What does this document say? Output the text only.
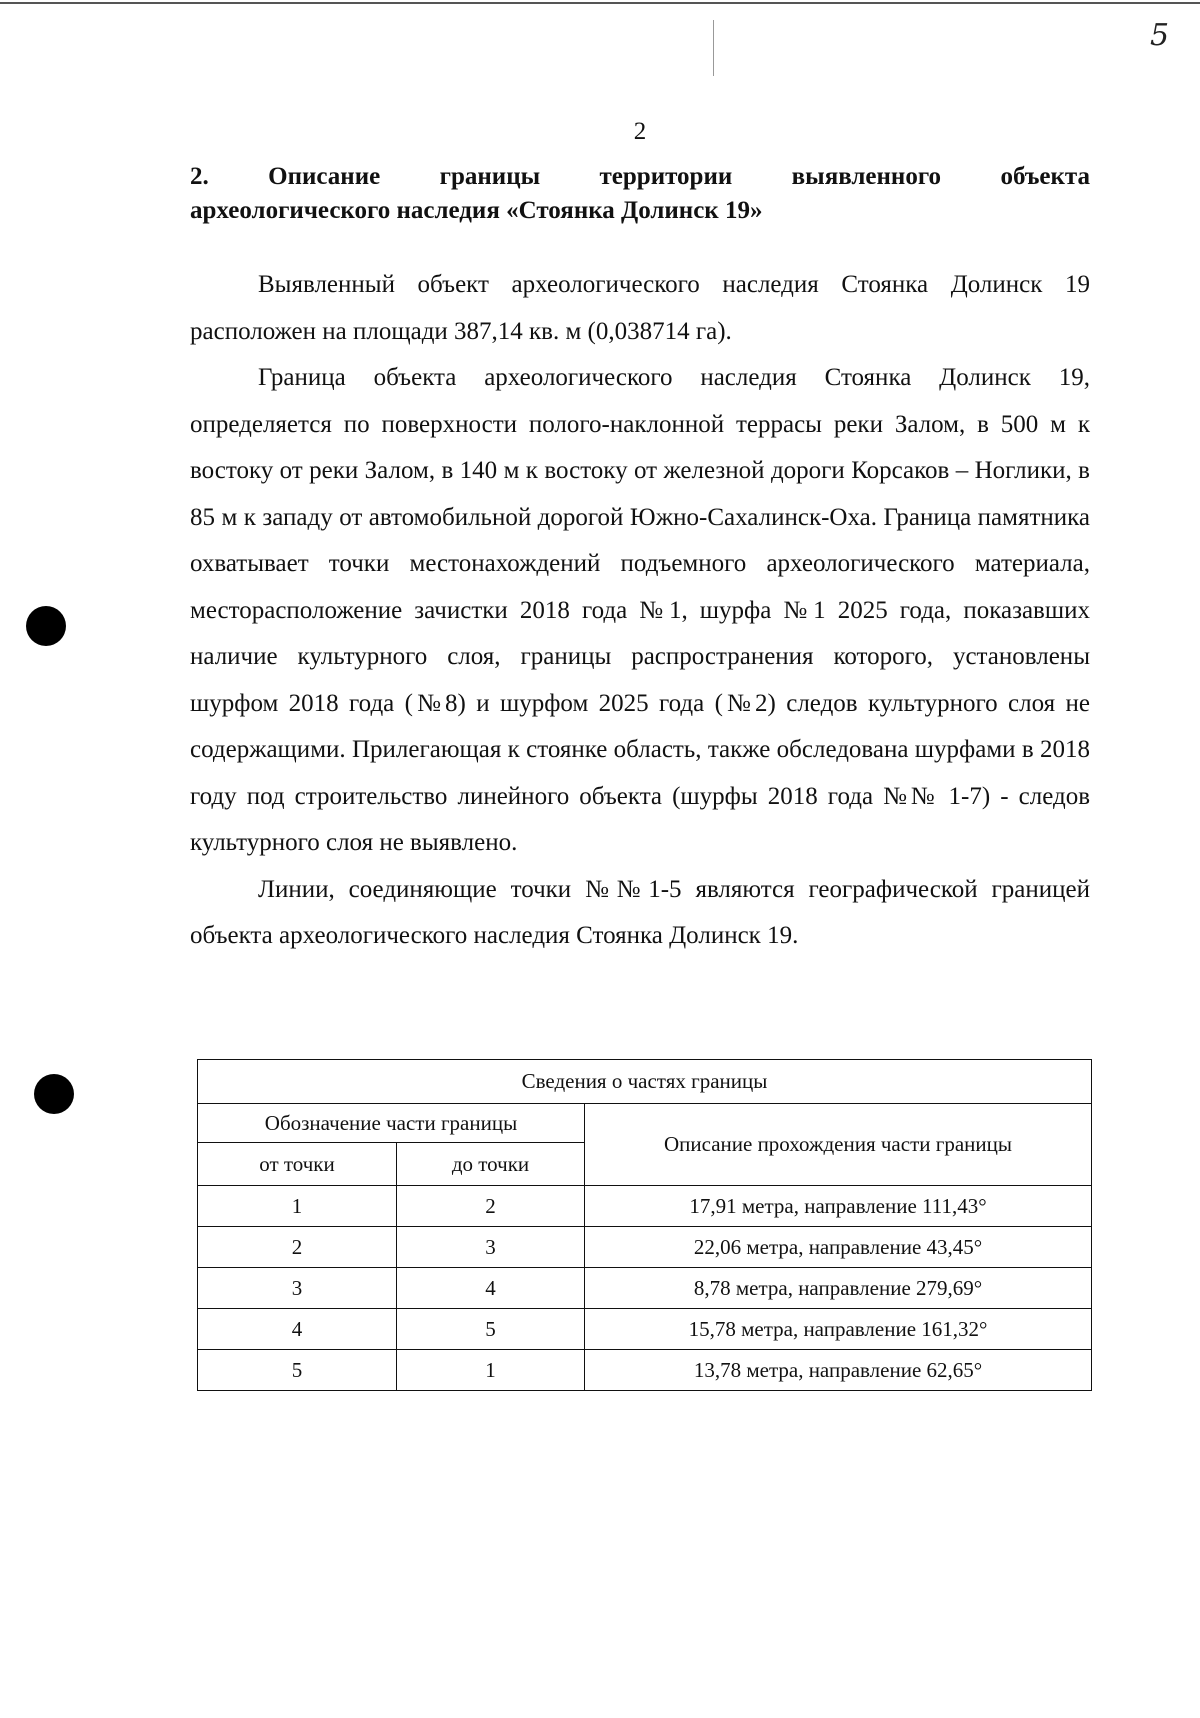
5
2
2. Описание границы территории выявленного объекта
археологического наследия «Стоянка Долинск 19»

Выявленный объект археологического наследия Стоянка Долинск 19 расположен на площади 387,14 кв. м (0,038714 га).

Граница объекта археологического наследия Стоянка Долинск 19, определяется по поверхности полого-наклонной террасы реки Залом, в 500 м к востоку от реки Залом, в 140 м к востоку от железной дороги Корсаков – Ноглики, в 85 м к западу от автомобильной дорогой Южно-Сахалинск-Оха. Граница памятника охватывает точки местонахождений подъемного археологического материала, месторасположение зачистки 2018 года №1, шурфа №1 2025 года, показавших наличие культурного слоя, границы распространения которого, установлены шурфом 2018 года (№8) и шурфом 2025 года (№2) следов культурного слоя не содержащими. Прилегающая к стоянке область, также обследована шурфами в 2018 году под строительство линейного объекта (шурфы 2018 года №№ 1-7) - следов культурного слоя не выявлено.

Линии, соединяющие точки №№1-5 являются географической границей объекта археологического наследия Стоянка Долинск 19.

Сведения о частях границы		
Обозначение части границы		Описание прохождения части границы
от точки	до точки	
1	2	17,91 метра, направление 111,43°
2	3	22,06 метра, направление 43,45°
3	4	8,78 метра, направление 279,69°
4	5	15,78 метра, направление 161,32°
5	1	13,78 метра, направление 62,65°
